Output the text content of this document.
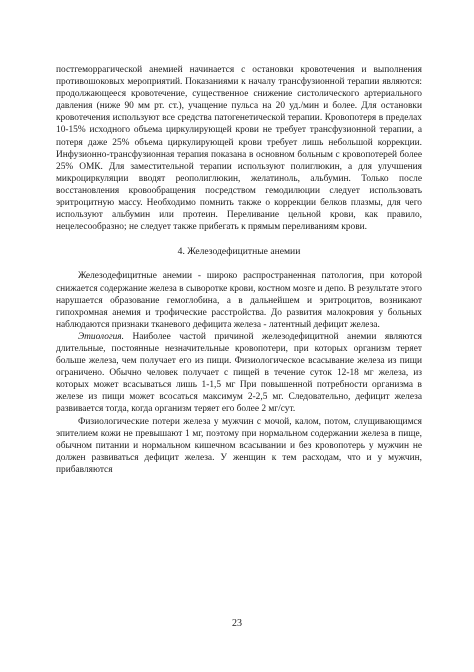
постгеморрагической анемией начинается с остановки кровотечения и выполнения противошоковых мероприятий. Показаниями к началу трансфузионной терапии являются: продолжающееся кровотечение, существенное снижение систолического артериального давления (ниже 90 мм рт. ст.), учащение пульса на 20 уд./мин и более. Для остановки кровотечения используют все средства патогенетической терапии. Кровопотеря в пределах 10-15% исходного объема циркулирующей крови не требует трансфузионной терапии, а потеря даже 25% объема циркулирующей крови требует лишь небольшой коррекции. Инфузионно-трансфузионная терапия показана в основном больным с кровопотерей более 25% ОМК. Для заместительной терапии используют полиглюкин, а для улучшения микроциркуляции вводят реополиглюкин, желатиноль, альбумин. Только после восстановления кровообращения посредством гемодилюции следует использовать эритроцитную массу. Необходимо помнить также о коррекции белков плазмы, для чего используют альбумин или протеин. Переливание цельной крови, как правило, нецелесообразно; не следует также прибегать к прямым переливаниям крови.

4. Железодефицитные анемии

Железодефицитные анемии - широко распространенная патология, при которой снижается содержание железа в сыворотке крови, костном мозге и депо. В результате этого нарушается образование гемоглобина, а в дальнейшем и эритроцитов, возникают гипохромная анемия и трофические расстройства. До развития малокровия у больных наблюдаются признаки тканевого дефицита железа - латентный дефицит железа.

Этиология. Наиболее частой причиной железодефицитной анемии являются длительные, постоянные незначительные кровопотери, при которых организм теряет больше железа, чем получает его из пищи. Физиологическое всасывание железа из пищи ограничено. Обычно человек получает с пищей в течение суток 12-18 мг железа, из которых может всасываться лишь 1-1,5 мг При повышенной потребности организма в железе из пищи может всосаться максимум 2-2,5 мг. Следовательно, дефицит железа развивается тогда, когда организм теряет его более 2 мг/сут.

Физиологические потери железа у мужчин с мочой, калом, потом, слущивающимся эпителием кожи не превышают 1 мг, поэтому при нормальном содержании железа в пище, обычном питании и нормальном кишечном всасывании и без кровопотерь у мужчин не должен развиваться дефицит железа. У женщин к тем расходам, что и у мужчин, прибавляются

23
